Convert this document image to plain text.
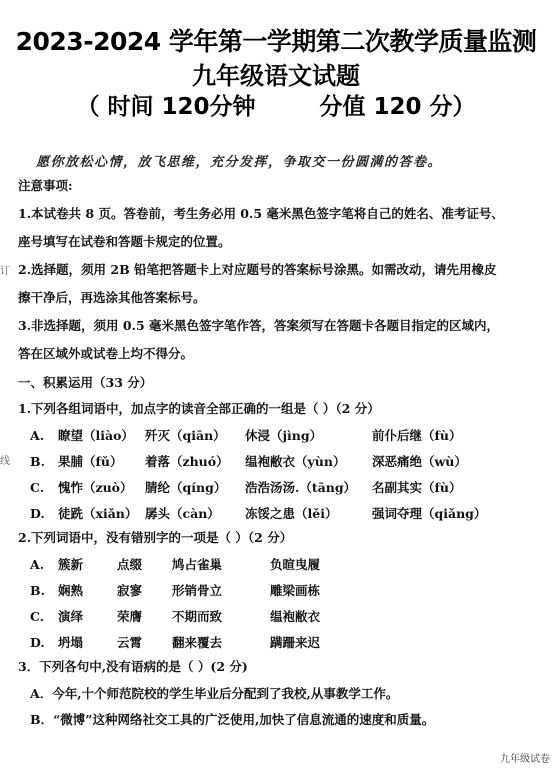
2023-2024 学年第一学期第二次教学质量监测
九年级语文试题
（ 时间 120分钟        分值 120 分）
愿你放松心情，放飞思维，充分发挥，争取交一份圆满的答卷。
注意事项:
1.本试卷共 8 页。答卷前，考生务必用 0.5 毫米黑色签字笔将自己的姓名、准考证号、
座号填写在试卷和答题卡规定的位置。
2.选择题，须用 2B 铅笔把答题卡上对应题号的答案标号涂黑。如需改动，请先用橡皮
擦干净后，再选涂其他答案标号。
3.非选择题，须用 0.5 毫米黑色签字笔作答，答案须写在答题卡各题目指定的区域内，
答在区域外或试卷上均不得分。
一、积累运用（33 分）
1.下列各组词语中，加点字的读音全部正确的一组是（ ）（2 分）
A. 瞭望（liào） 歼灭（qiān） 休浸（jìng）	前仆后继（fù）
B. 果脯（fǔ） 着落（zhuó） 缊袍敝衣（yùn） 深恶痛绝（wù）
C. 愧怍（zuò） 腈纶（qíng） 浩浩汤汤.（tāng） 名副其实（fù）
D. 徒跣（xiǎn） 孱头（càn） 冻馁之患（lěi）	强词夺理（qiǎng）
2.下列词语中，没有错别字的一项是（ ）（2 分）
A. 簇新	点缀 鸠占雀巢	负暄曳履
B. 娴熟	寂寥 形销骨立	雕梁画栋
C. 演绎	荣膺 不期而致	缊袍敝衣
D. 坍塌	云霄 翻来覆去	蹒跚来迟
3．下列各句中,没有语病的是（ ）(2 分)
A．今年,十个师范院校的学生毕业后分配到了我校,从事教学工作。
B．“微博”这种网络社交工具的广泛使用,加快了信息流通的速度和质量。
订
线
九年级试卷
